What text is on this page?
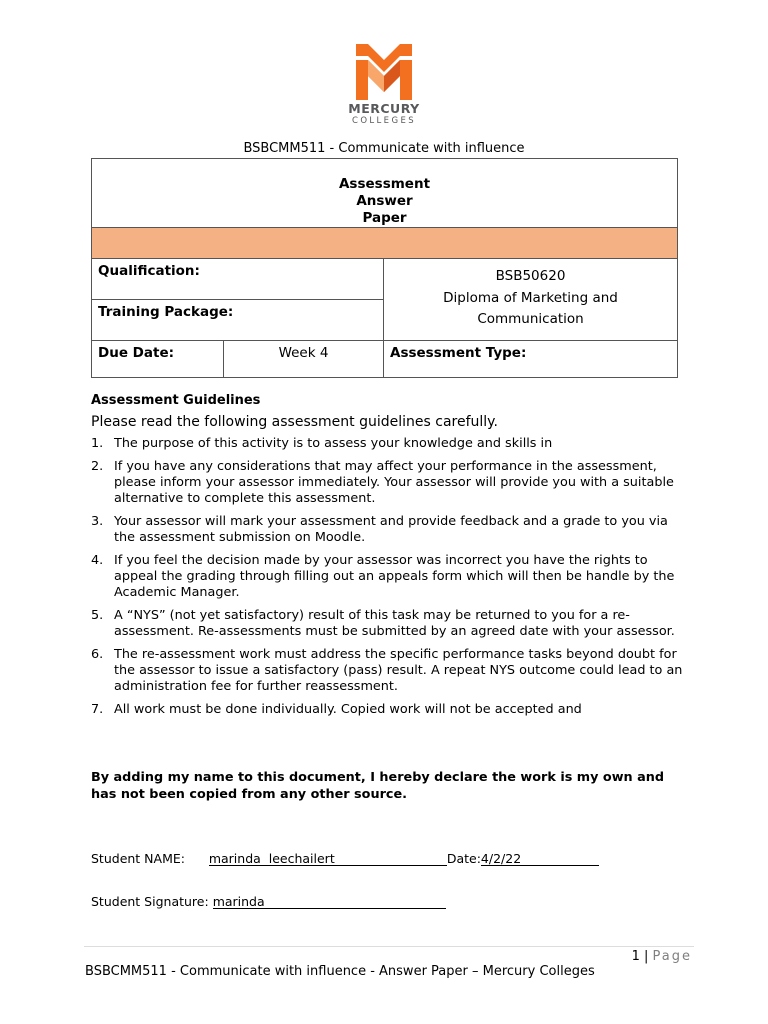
MERCURY
COLLEGES
BSBCMM511 - Communicate with influence
Assessment
Answer
Paper		

Qualification:		BSB50620
Diploma of Marketing and
Communication

Training Package:		
Due Date:	Week 4	Assessment Type:
Assessment Guidelines
Please read the following assessment guidelines carefully.
1. The purpose of this activity is to assess your knowledge and skills in
2. If you have any considerations that may affect your performance in the assessment, please inform your assessor immediately. Your assessor will provide you with a suitable alternative to complete this assessment.
3. Your assessor will mark your assessment and provide feedback and a grade to you via the assessment submission on Moodle.
4. If you feel the decision made by your assessor was incorrect you have the rights to appeal the grading through filling out an appeals form which will then be handle by the Academic Manager.
5. A “NYS” (not yet satisfactory) result of this task may be returned to you for a re-assessment. Re-assessments must be submitted by an agreed date with your assessor.
6. The re-assessment work must address the specific performance tasks beyond doubt for the assessor to issue a satisfactory (pass) result. A repeat NYS outcome could lead to an administration fee for further reassessment.
7. All work must be done individually. Copied work will not be accepted and
By adding my name to this document, I hereby declare the work is my own and has not been copied from any other source.
Student NAME: marinda  leechailert	Date:4/2/22
Student Signature: marinda
1 | Page
BSBCMM511 - Communicate with influence - Answer Paper – Mercury Colleges
